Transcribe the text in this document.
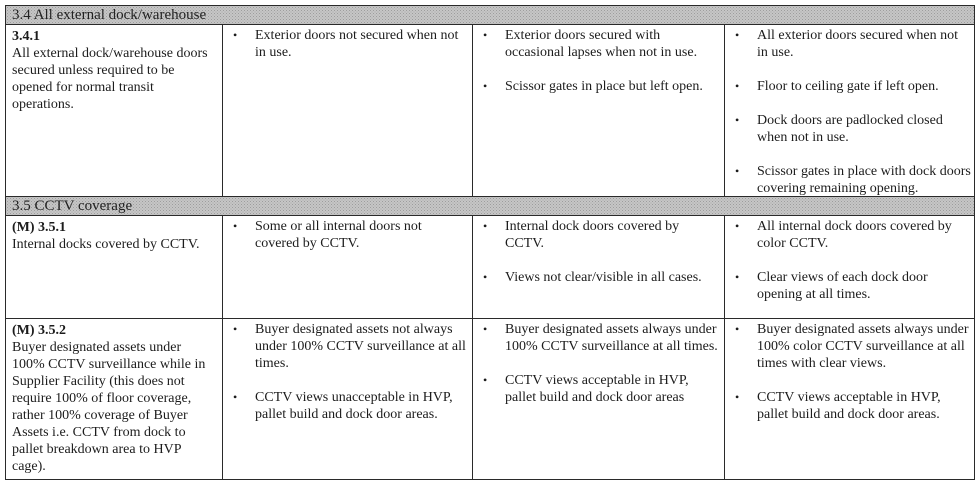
3.4 All external dock/warehouse
3.4.1
All external dock/warehouse doors secured unless required to be opened for normal transit operations.
• Exterior doors not secured when not in use.
• Exterior doors secured with occasional lapses when not in use.
• Scissor gates in place but left open.
• All exterior doors secured when not in use.
• Floor to ceiling gate if left open.
• Dock doors are padlocked closed when not in use.
• Scissor gates in place with dock doors covering remaining opening.
3.5 CCTV coverage
(M) 3.5.1
Internal docks covered by CCTV.
• Some or all internal doors not covered by CCTV.
• Internal dock doors covered by CCTV.
• Views not clear/visible in all cases.
• All internal dock doors covered by color CCTV.
• Clear views of each dock door opening at all times.
(M) 3.5.2
Buyer designated assets under 100% CCTV surveillance while in Supplier Facility (this does not require 100% of floor coverage, rather 100% coverage of Buyer Assets i.e. CCTV from dock to pallet breakdown area to HVP cage).
• Buyer designated assets not always under 100% CCTV surveillance at all times.
• CCTV views unacceptable in HVP, pallet build and dock door areas.
• Buyer designated assets always under 100% CCTV surveillance at all times.
• CCTV views acceptable in HVP, pallet build and dock door areas
• Buyer designated assets always under 100% color CCTV surveillance at all times with clear views.
• CCTV views acceptable in HVP, pallet build and dock door areas.
